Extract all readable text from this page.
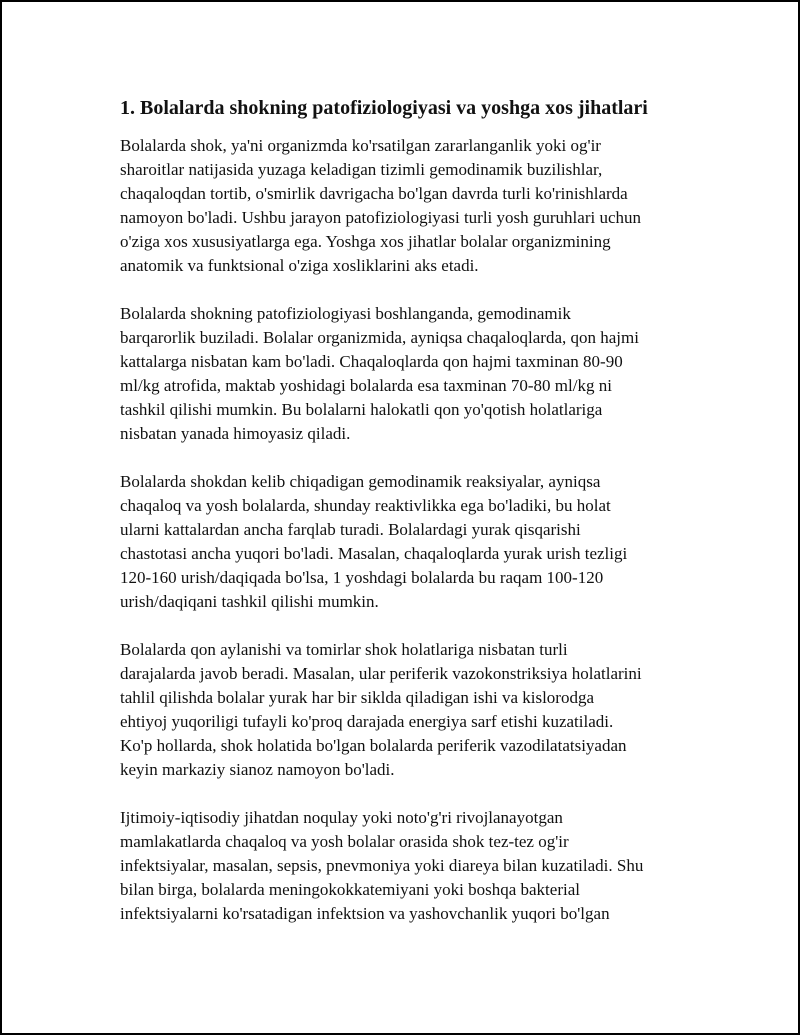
1. Bolalarda shokning patofiziologiyasi va yoshga xos jihatlari

Bolalarda shok, ya'ni organizmda ko'rsatilgan zararlanganlik yoki og'ir
sharoitlar natijasida yuzaga keladigan tizimli gemodinamik buzilishlar,
chaqaloqdan tortib, o'smirlik davrigacha bo'lgan davrda turli ko'rinishlarda
namoyon bo'ladi. Ushbu jarayon patofiziologiyasi turli yosh guruhlari uchun
o'ziga xos xususiyatlarga ega. Yoshga xos jihatlar bolalar organizmining
anatomik va funktsional o'ziga xosliklarini aks etadi.

Bolalarda shokning patofiziologiyasi boshlanganda, gemodinamik
barqarorlik buziladi. Bolalar organizmida, ayniqsa chaqaloqlarda, qon hajmi
kattalarga nisbatan kam bo'ladi. Chaqaloqlarda qon hajmi taxminan 80-90
ml/kg atrofida, maktab yoshidagi bolalarda esa taxminan 70-80 ml/kg ni
tashkil qilishi mumkin. Bu bolalarni halokatli qon yo'qotish holatlariga
nisbatan yanada himoyasiz qiladi.

Bolalarda shokdan kelib chiqadigan gemodinamik reaksiyalar, ayniqsa
chaqaloq va yosh bolalarda, shunday reaktivlikka ega bo'ladiki, bu holat
ularni kattalardan ancha farqlab turadi. Bolalardagi yurak qisqarishi
chastotasi ancha yuqori bo'ladi. Masalan, chaqaloqlarda yurak urish tezligi
120-160 urish/daqiqada bo'lsa, 1 yoshdagi bolalarda bu raqam 100-120
urish/daqiqani tashkil qilishi mumkin.

Bolalarda qon aylanishi va tomirlar shok holatlariga nisbatan turli
darajalarda javob beradi. Masalan, ular periferik vazokonstriksiya holatlarini
tahlil qilishda bolalar yurak har bir siklda qiladigan ishi va kislorodga
ehtiyoj yuqoriligi tufayli ko'proq darajada energiya sarf etishi kuzatiladi.
Ko'p hollarda, shok holatida bo'lgan bolalarda periferik vazodilatatsiyadan
keyin markaziy sianoz namoyon bo'ladi.

Ijtimoiy-iqtisodiy jihatdan noqulay yoki noto'g'ri rivojlanayotgan
mamlakatlarda chaqaloq va yosh bolalar orasida shok tez-tez og'ir
infektsiyalar, masalan, sepsis, pnevmoniya yoki diareya bilan kuzatiladi. Shu
bilan birga, bolalarda meningokokkatemiyani yoki boshqa bakterial
infektsiyalarni ko'rsatadigan infektsion va yashovchanlik yuqori bo'lgan
